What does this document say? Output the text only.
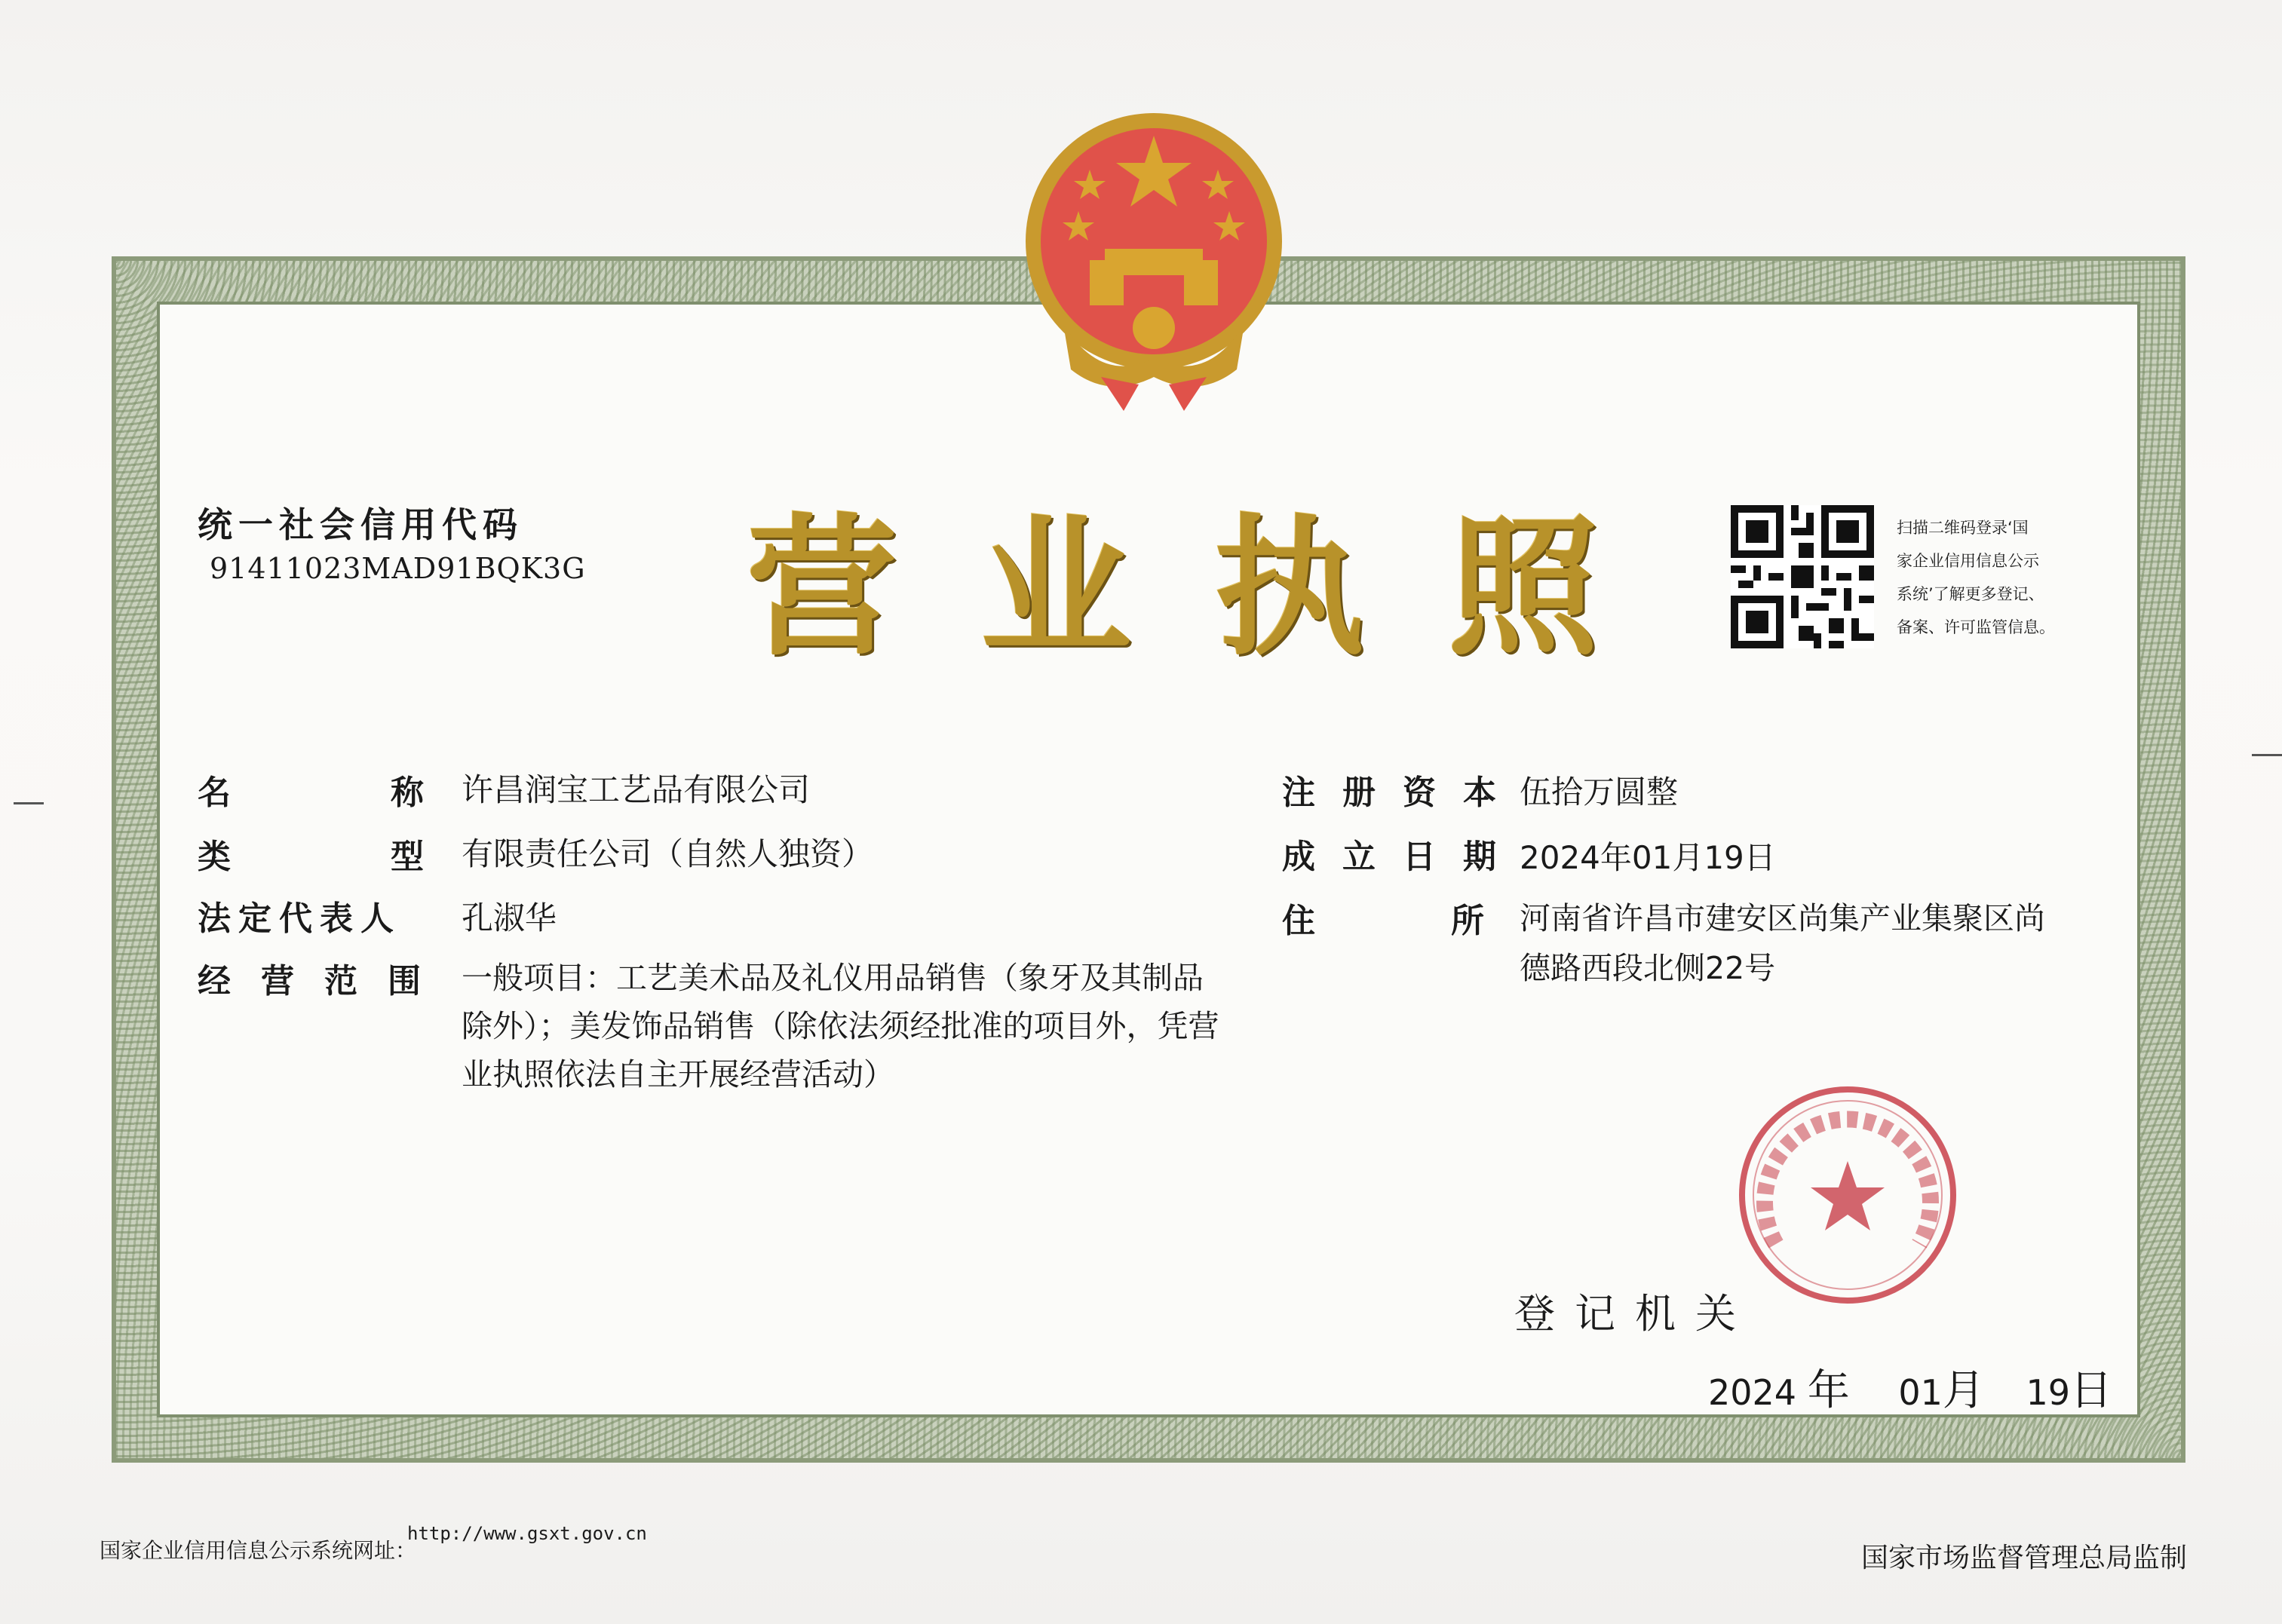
统一社会信用代码
91411023MAD91BQK3G 营业执照	扫描二维码登录‘国
家企业信用信息公示
系统’了解更多登记、
备案、许可监管信息。
名	称 许昌润宝工艺品有限公司
类	型 有限责任公司（自然人独资）
法定代表人 孔淑华
经营范围 一般项目：工艺美术品及礼仪用品销售（象牙及其制品除外）；美发饰品销售（除依法须经批准的项目外，凭营业执照依法自主开展经营活动）
注册资本
伍拾万圆整
成立日期
2024年01月19日
住所
河南省许昌市建安区尚集产业集聚区尚德路西段北侧22号
登记机关
2024 年 01月 19日
国家企业信用信息公示系统网址：
http://www.gsxt.gov.cn
国家市场监督管理总局监制
